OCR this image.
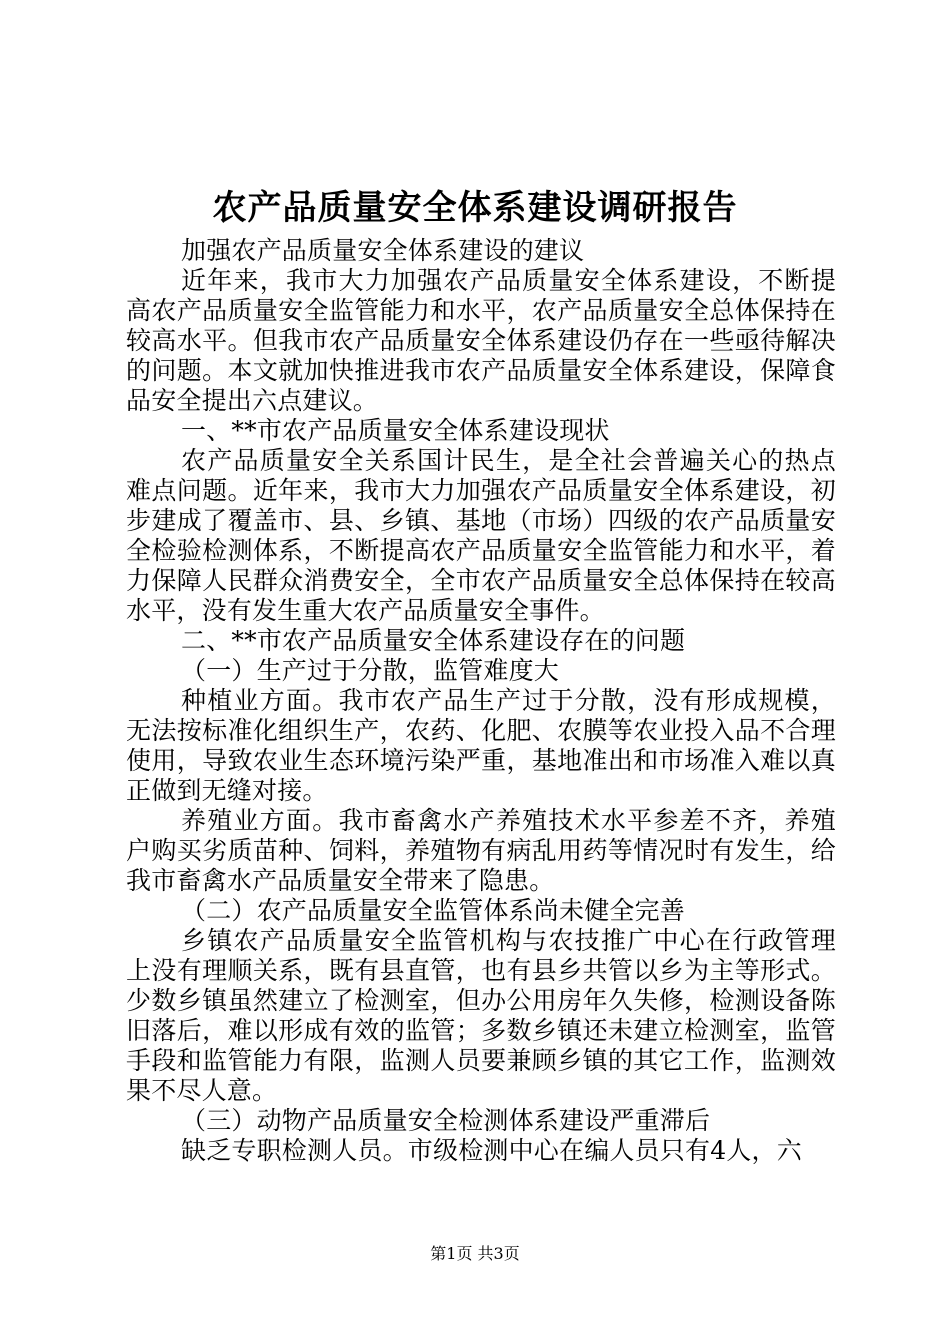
农产品质量安全体系建设调研报告

加强农产品质量安全体系建设的建议

近年来，我市大力加强农产品质量安全体系建设，不断提高农产品质量安全监管能力和水平，农产品质量安全总体保持在较高水平。但我市农产品质量安全体系建设仍存在一些亟待解决的问题。本文就加快推进我市农产品质量安全体系建设，保障食品安全提出六点建议。

一、**市农产品质量安全体系建设现状

农产品质量安全关系国计民生，是全社会普遍关心的热点难点问题。近年来，我市大力加强农产品质量安全体系建设，初步建成了覆盖市、县、乡镇、基地（市场）四级的农产品质量安全检验检测体系，不断提高农产品质量安全监管能力和水平，着力保障人民群众消费安全，全市农产品质量安全总体保持在较高水平，没有发生重大农产品质量安全事件。

二、**市农产品质量安全体系建设存在的问题

（一）生产过于分散，监管难度大

种植业方面。我市农产品生产过于分散，没有形成规模，无法按标准化组织生产，农药、化肥、农膜等农业投入品不合理使用，导致农业生态环境污染严重，基地准出和市场准入难以真正做到无缝对接。

养殖业方面。我市畜禽水产养殖技术水平参差不齐，养殖户购买劣质苗种、饲料，养殖物有病乱用药等情况时有发生，给我市畜禽水产品质量安全带来了隐患。

（二）农产品质量安全监管体系尚未健全完善

乡镇农产品质量安全监管机构与农技推广中心在行政管理上没有理顺关系，既有县直管，也有县乡共管以乡为主等形式。少数乡镇虽然建立了检测室，但办公用房年久失修，检测设备陈旧落后，难以形成有效的监管；多数乡镇还未建立检测室，监管手段和监管能力有限，监测人员要兼顾乡镇的其它工作，监测效果不尽人意。

（三）动物产品质量安全检测体系建设严重滞后

缺乏专职检测人员。市级检测中心在编人员只有4人，六

第1页 共3页
